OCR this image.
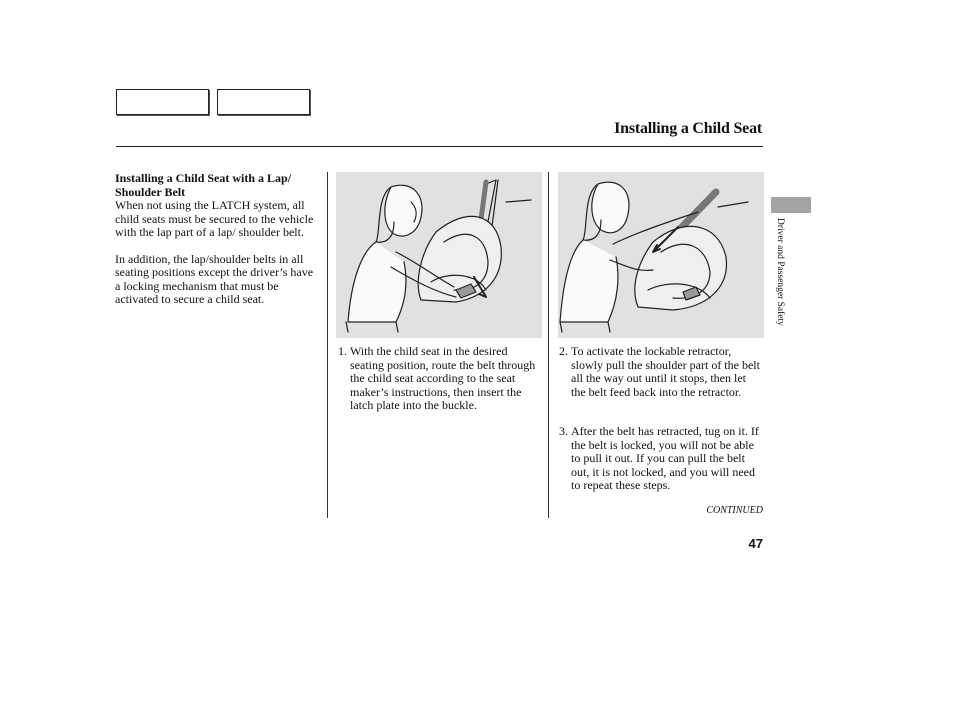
Installing a Child Seat
Installing a Child Seat with a Lap/ Shoulder Belt

When not using the LATCH system, all child seats must be secured to the vehicle with the lap part of a lap/ shoulder belt.

In addition, the lap/shoulder belts in all seating positions except the driver’s have a locking mechanism that must be activated to secure a child seat.

1. With the child seat in the desired seating position, route the belt through the child seat according to the seat maker’s instructions, then insert the latch plate into the buckle.
2. To activate the lockable retractor, slowly pull the shoulder part of the belt all the way out until it stops, then let the belt feed back into the retractor.
3. After the belt has retracted, tug on it. If the belt is locked, you will not be able to pull it out. If you can pull the belt out, it is not locked, and you will need to repeat these steps.
CONTINUED
47
Driver and Passenger Safety
